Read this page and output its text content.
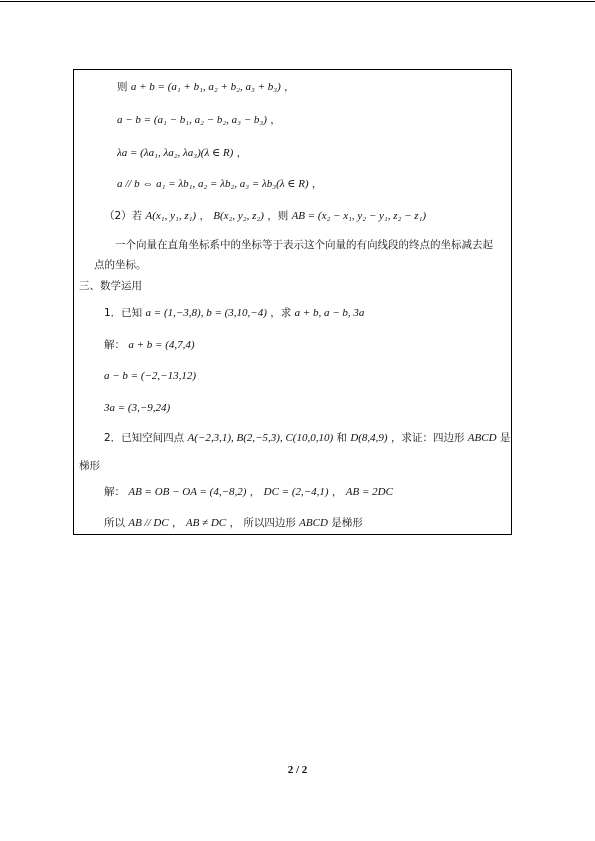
则 a + b = (a₁ + b₁, a₂ + b₂, a₃ + b₃) ，
a − b = (a₁ − b₁, a₂ − b₂, a₃ − b₃) ，
λa = (λa₁, λa₂, λa₃)(λ ∈ R) ，
a // b ⇔ a₁ = λb₁, a₂ = λb₂, a₃ = λb₃(λ ∈ R) ，
（2）若 A(x₁, y₁, z₁) ， B(x₂, y₂, z₂) ，则 AB = (x₂ − x₁, y₂ − y₁, z₂ − z₁)
一个向量在直角坐标系中的坐标等于表示这个向量的有向线段的终点的坐标减去起点的坐标。
三、数学运用
1．已知 a = (1,−3,8), b = (3,10,−4) ，求 a + b, a − b, 3a
解： a + b = (4,7,4)
a − b = (−2,−13,12)
3a = (3,−9,24)
2．已知空间四点 A(−2,3,1), B(2,−5,3), C(10,0,10) 和 D(8,4,9) ，求证：四边形 ABCD 是
梯形
解： AB = OB − OA = (4,−8,2) ， DC = (2,−4,1) ， AB = 2DC
所以 AB // DC ， AB ≠ DC ， 所以四边形 ABCD 是梯形
2 / 2
